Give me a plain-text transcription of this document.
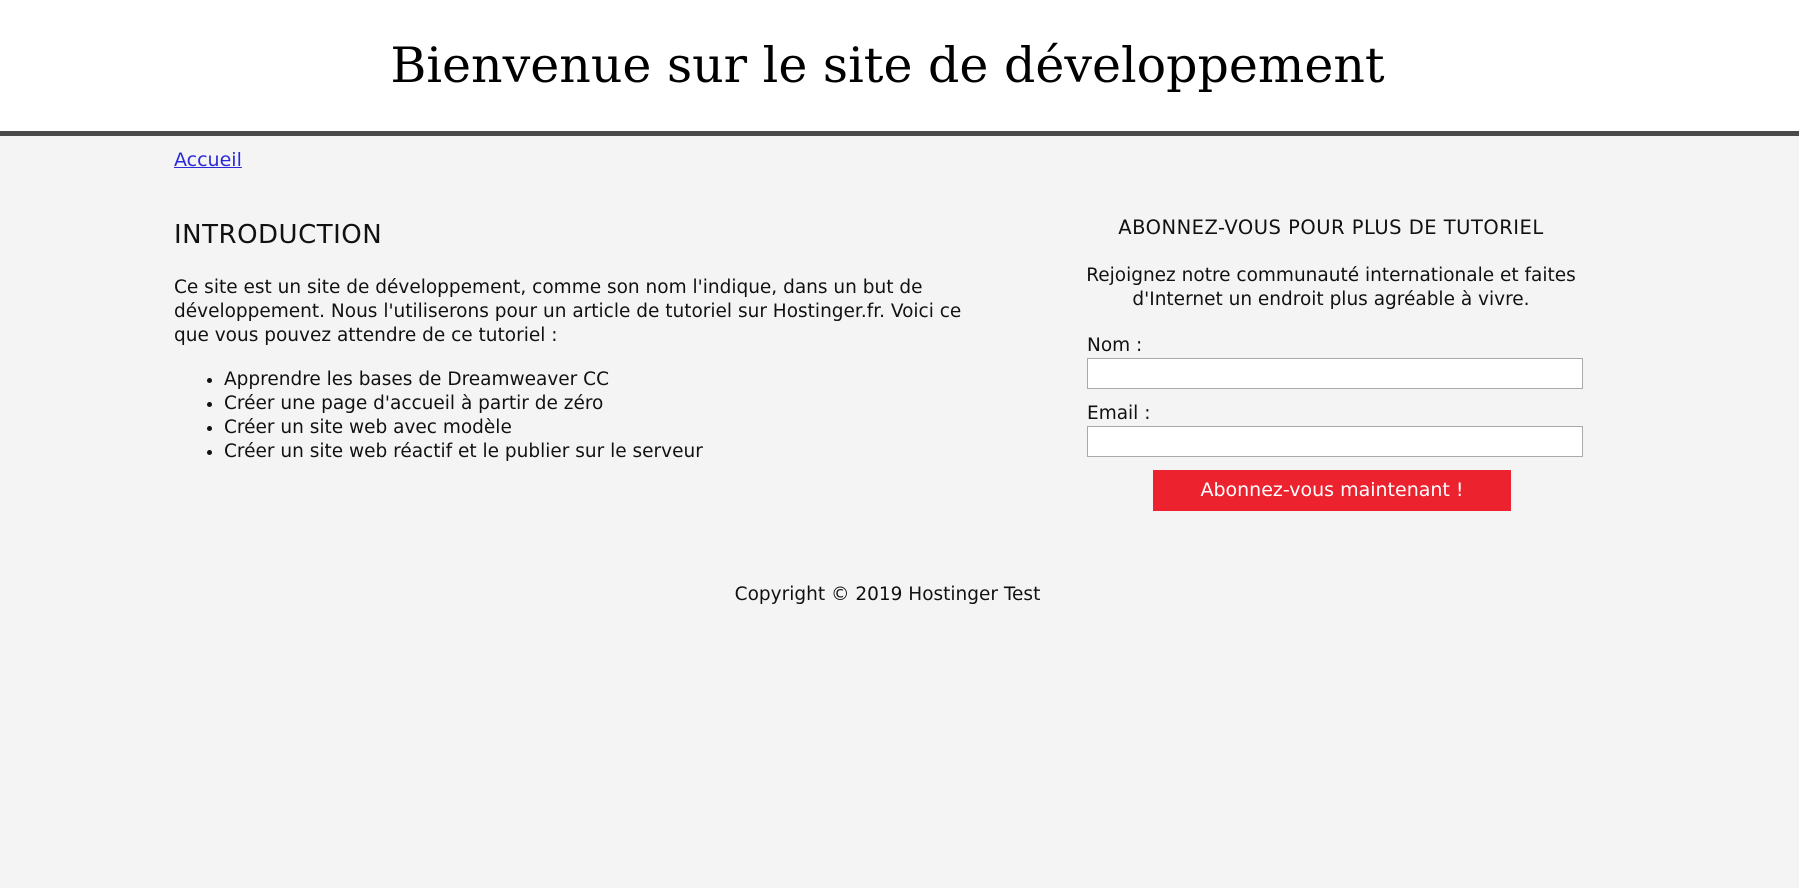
Bienvenue sur le site de développement
Accueil
INTRODUCTION

Ce site est un site de développement, comme son nom l'indique, dans un but de développement. Nous l'utiliserons pour un article de tutoriel sur Hostinger.fr. Voici ce que vous pouvez attendre de ce tutoriel :

• Apprendre les bases de Dreamweaver CC
• Créer une page d'accueil à partir de zéro
• Créer un site web avec modèle
• Créer un site web réactif et le publier sur le serveur
ABONNEZ-VOUS POUR PLUS DE TUTORIEL

Rejoignez notre communauté internationale et faites d'Internet un endroit plus agréable à vivre.

Nom :
Email :
Abonnez-vous maintenant !

Copyright © 2019 Hostinger Test
